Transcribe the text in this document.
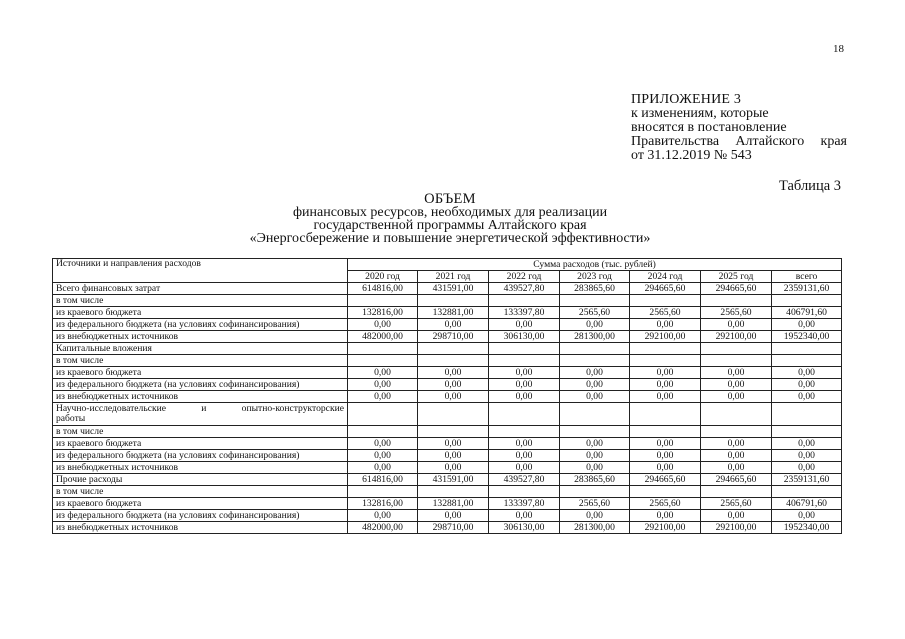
18
ПРИЛОЖЕНИЕ 3
к изменениям, которые
вносятся в постановление
Правительства Алтайского края
от 31.12.2019 № 543
Таблица 3
ОБЪЕМ
финансовых ресурсов, необходимых для реализации
государственной программы Алтайского края
«Энергосбережение и повышение энергетической эффективности»
Источники и направления расходов	Сумма расходов (тыс. рублей)						
	2020 год	2021 год	2022 год	2023 год	2024 год	2025 год	всего
Всего финансовых затрат	614816,00	431591,00	439527,80	283865,60	294665,60	294665,60	2359131,60
в том числе							
из краевого бюджета	132816,00	132881,00	133397,80	2565,60	2565,60	2565,60	406791,60
из федерального бюджета (на условиях софинансирования)	0,00	0,00	0,00	0,00	0,00	0,00	0,00
из внебюджетных источников	482000,00	298710,00	306130,00	281300,00	292100,00	292100,00	1952340,00
Капитальные вложения							
в том числе							
из краевого бюджета	0,00	0,00	0,00	0,00	0,00	0,00	0,00
из федерального бюджета (на условиях софинансирования)	0,00	0,00	0,00	0,00	0,00	0,00	0,00
из внебюджетных источников	0,00	0,00	0,00	0,00	0,00	0,00	0,00

Научно-исследовательские и опытно-конструкторские
работы							

в том числе							
из краевого бюджета	0,00	0,00	0,00	0,00	0,00	0,00	0,00
из федерального бюджета (на условиях софинансирования)	0,00	0,00	0,00	0,00	0,00	0,00	0,00
из внебюджетных источников	0,00	0,00	0,00	0,00	0,00	0,00	0,00
Прочие расходы	614816,00	431591,00	439527,80	283865,60	294665,60	294665,60	2359131,60
в том числе							
из краевого бюджета	132816,00	132881,00	133397,80	2565,60	2565,60	2565,60	406791,60
из федерального бюджета (на условиях софинансирования)	0,00	0,00	0,00	0,00	0,00	0,00	0,00
из внебюджетных источников	482000,00	298710,00	306130,00	281300,00	292100,00	292100,00	1952340,00
